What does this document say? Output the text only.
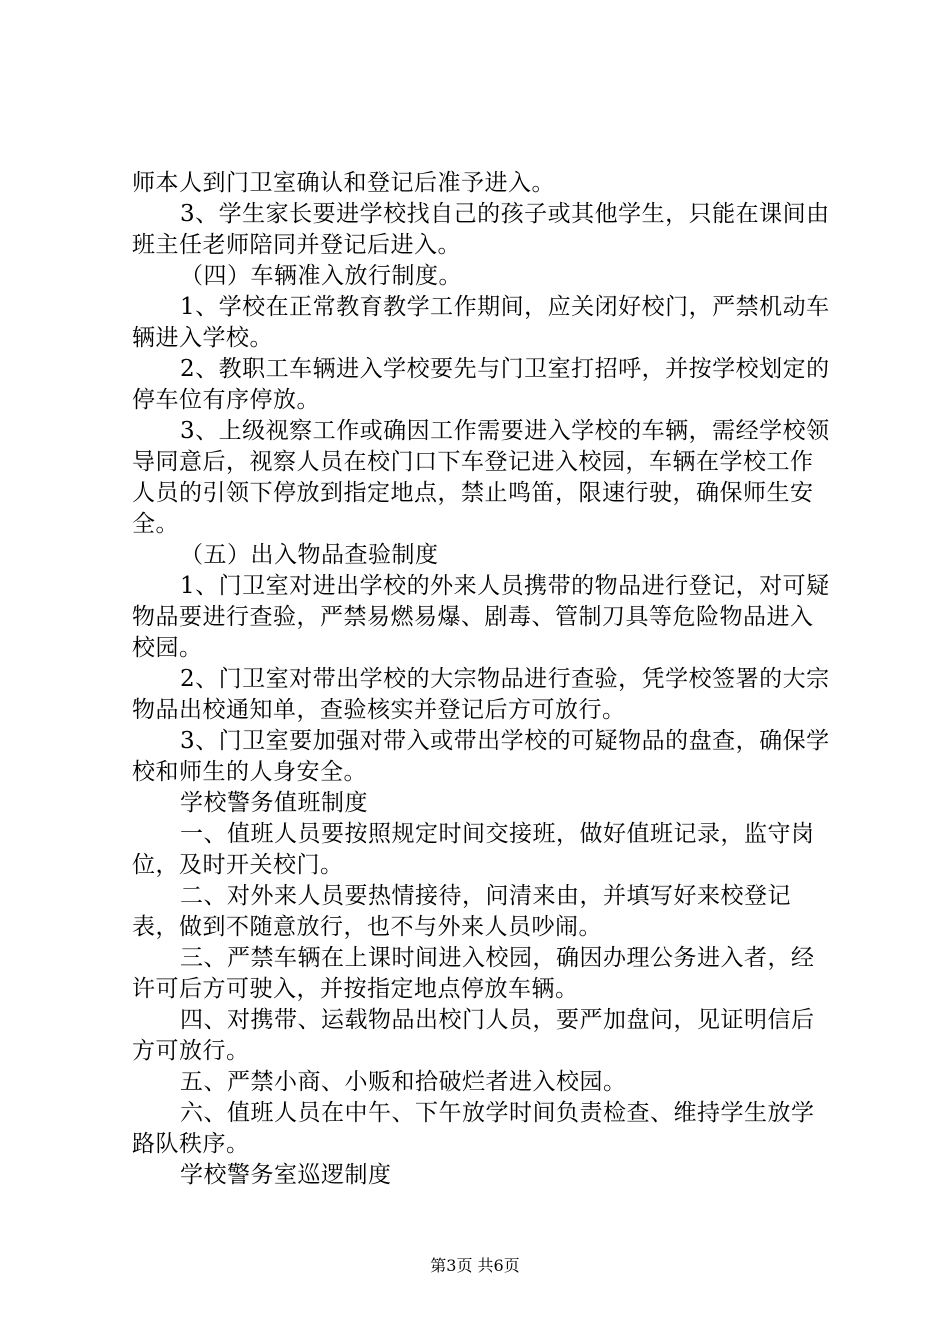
师本人到门卫室确认和登记后准予进入。

3、学生家长要进学校找自己的孩子或其他学生，只能在课间由班主任老师陪同并登记后进入。

（四）车辆准入放行制度。

1、学校在正常教育教学工作期间，应关闭好校门，严禁机动车辆进入学校。

2、教职工车辆进入学校要先与门卫室打招呼，并按学校划定的停车位有序停放。

3、上级视察工作或确因工作需要进入学校的车辆，需经学校领导同意后，视察人员在校门口下车登记进入校园，车辆在学校工作人员的引领下停放到指定地点，禁止鸣笛，限速行驶，确保师生安全。

（五）出入物品查验制度

1、门卫室对进出学校的外来人员携带的物品进行登记，对可疑物品要进行查验，严禁易燃易爆、剧毒、管制刀具等危险物品进入校园。

2、门卫室对带出学校的大宗物品进行查验，凭学校签署的大宗物品出校通知单，查验核实并登记后方可放行。

3、门卫室要加强对带入或带出学校的可疑物品的盘查，确保学校和师生的人身安全。

学校警务值班制度

一、值班人员要按照规定时间交接班，做好值班记录，监守岗位，及时开关校门。

二、对外来人员要热情接待，问清来由，并填写好来校登记表，做到不随意放行，也不与外来人员吵闹。

三、严禁车辆在上课时间进入校园，确因办理公务进入者，经许可后方可驶入，并按指定地点停放车辆。

四、对携带、运载物品出校门人员，要严加盘问，见证明信后方可放行。

五、严禁小商、小贩和拾破烂者进入校园。

六、值班人员在中午、下午放学时间负责检查、维持学生放学路队秩序。

学校警务室巡逻制度

第3页 共6页
